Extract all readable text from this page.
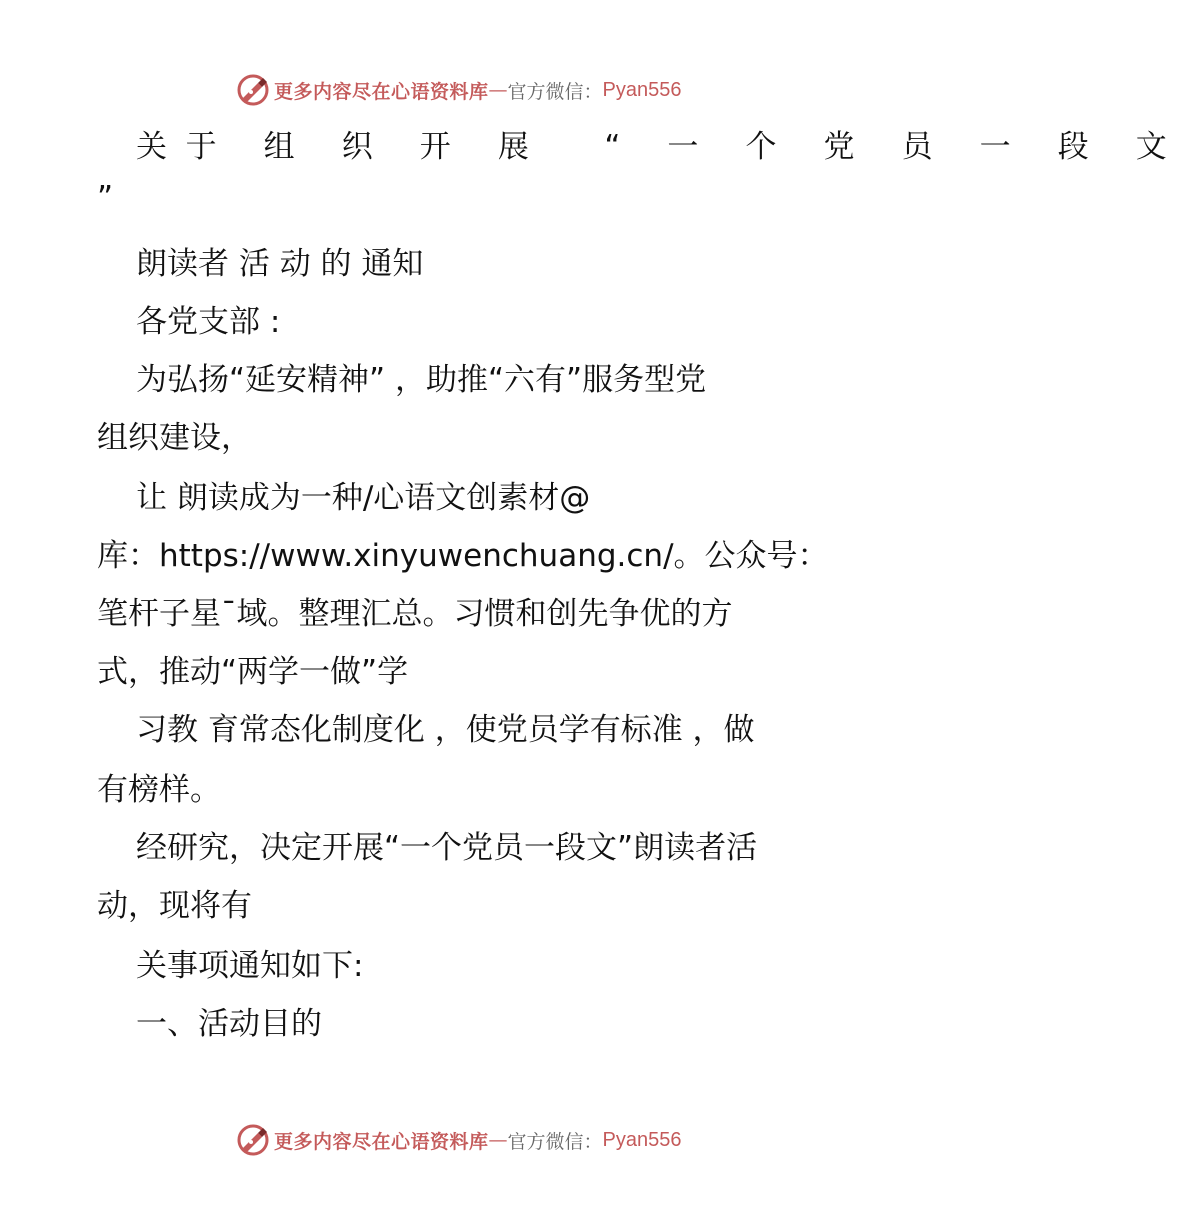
更多内容尽在心语资料库 — 官方微信： Pyan556
关于 组 织 开 展  “ 一 个 党 员 一 段 文
”
朗读者 活 动 的 通知
各党支部 :
为弘扬“延安精神” ，助推“六有”服务型党
组织建设，
让 朗读成为一种/心语文创素材@
库：https://www.xinyuwenchuang.cn/。公众号：
笔杆子星¯域。整理汇总。习惯和创先争优的方
式，推动“两学一做”学
习教 育常态化制度化 ，使党员学有标准 ，做
有榜样。
经研究，决定开展“一个党员一段文”朗读者活
动，现将有
关事项通知如下:
一、活动目的
更多内容尽在心语资料库 — 官方微信： Pyan556
